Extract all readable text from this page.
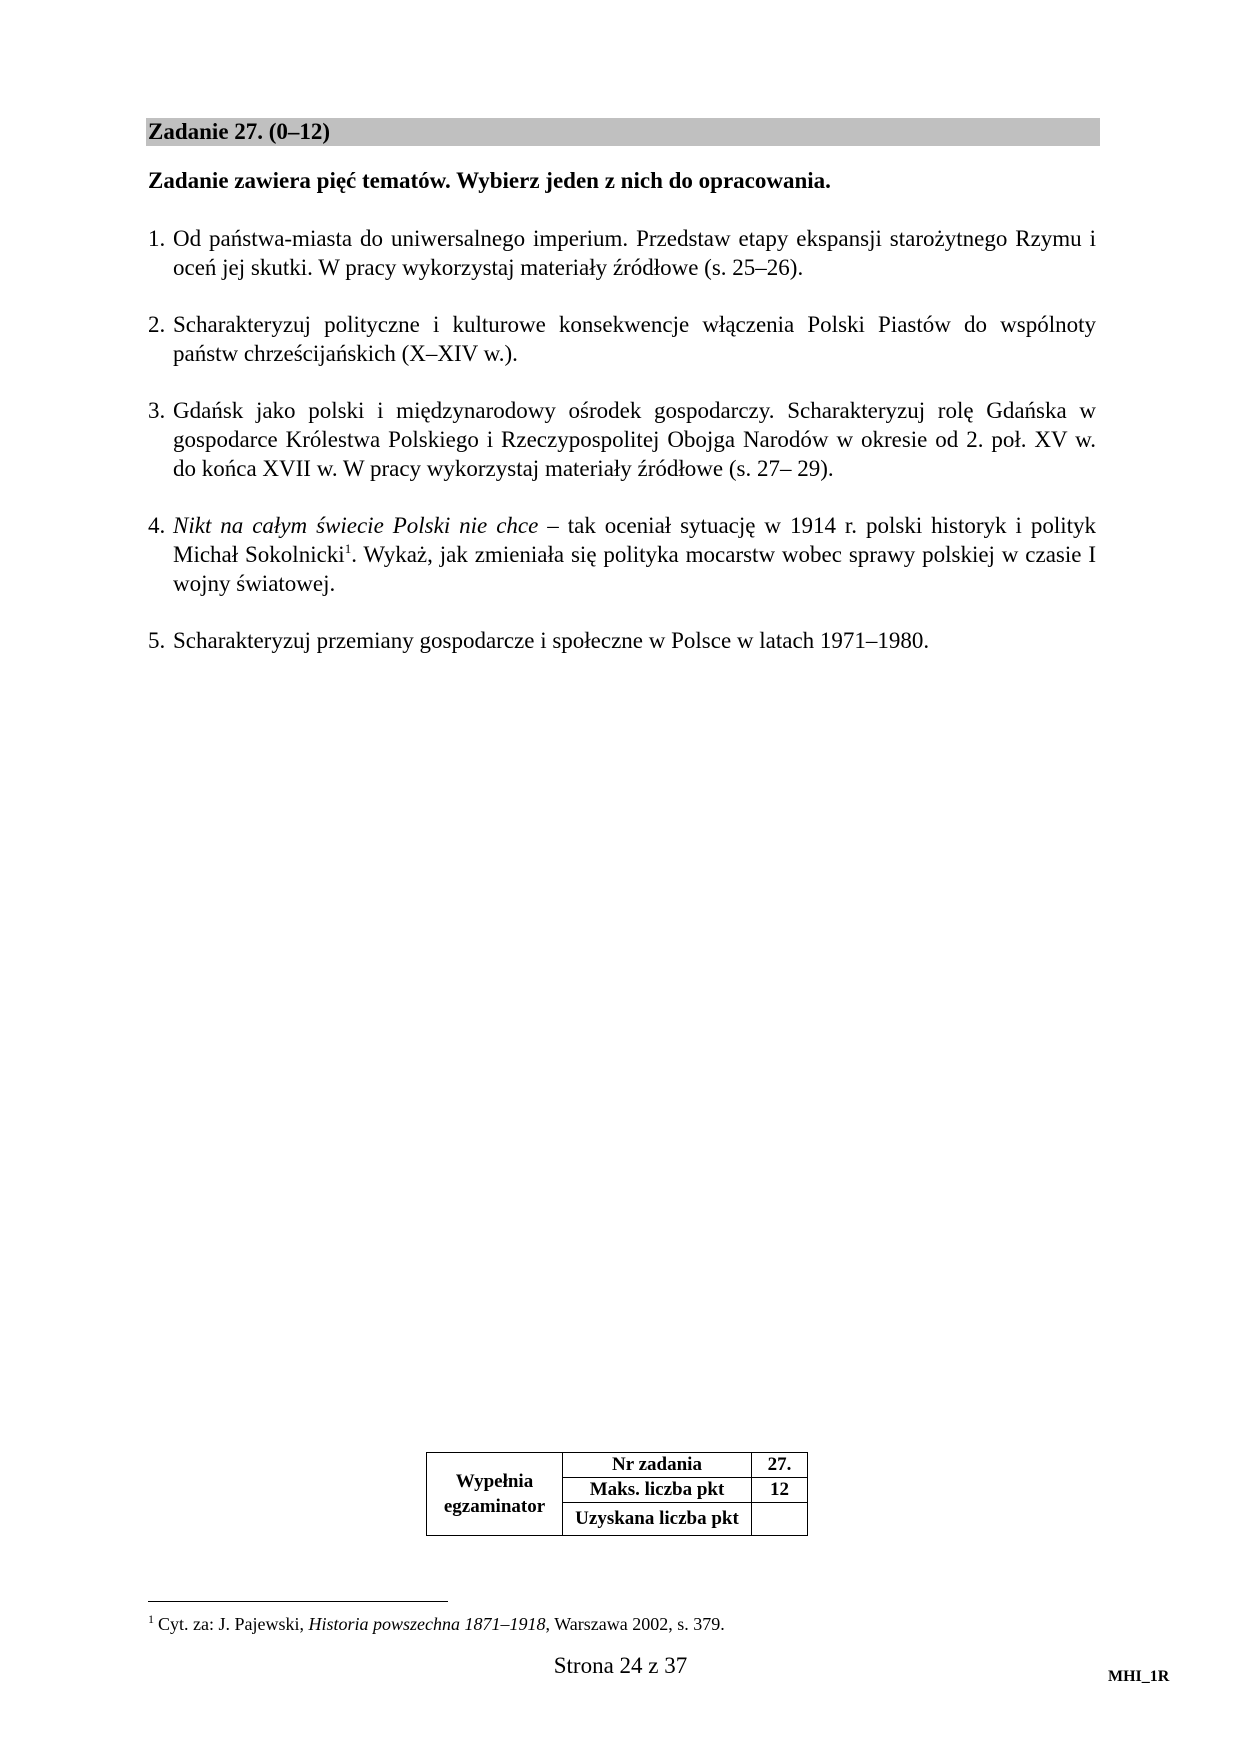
Zadanie 27. (0–12)
Zadanie zawiera pięć tematów. Wybierz jeden z nich do opracowania.
1. Od państwa-miasta do uniwersalnego imperium. Przedstaw etapy ekspansji starożytnego Rzymu i oceń jej skutki. W pracy wykorzystaj materiały źródłowe (s. 25–26).
2. Scharakteryzuj polityczne i kulturowe konsekwencje włączenia Polski Piastów do wspólnoty państw chrześcijańskich (X–XIV w.).
3. Gdańsk jako polski i międzynarodowy ośrodek gospodarczy. Scharakteryzuj rolę Gdańska w gospodarce Królestwa Polskiego i Rzeczypospolitej Obojga Narodów w okresie od 2. poł. XV w. do końca XVII w. W pracy wykorzystaj materiały źródłowe (s. 27– 29).
4. Nikt na całym świecie Polski nie chce – tak oceniał sytuację w 1914 r. polski historyk i polityk Michał Sokolnicki$^1$. Wykaż, jak zmieniała się polityka mocarstw wobec sprawy polskiej w czasie I wojny światowej.
5. Scharakteryzuj przemiany gospodarcze i społeczne w Polsce w latach 1971–1980.
Wypełnia
egzaminator	Nr zadania	27.
	Maks. liczba pkt	12
	Uzyskana liczba pkt	
$^1$ Cyt. za: J. Pajewski, Historia powszechna 1871–1918, Warszawa 2002, s. 379.
Strona 24 z 37	MHI_1R
